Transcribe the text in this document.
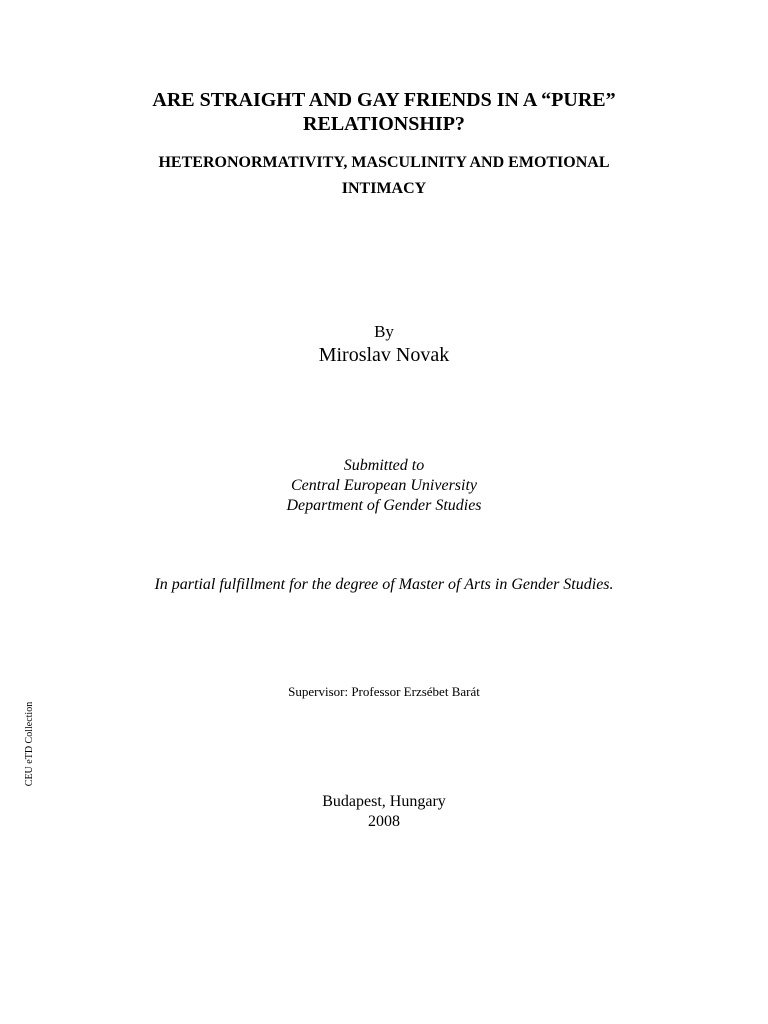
ARE STRAIGHT AND GAY FRIENDS IN A “PURE”
RELATIONSHIP?
HETERONORMATIVITY, MASCULINITY AND EMOTIONAL
INTIMACY
By
Miroslav Novak
Submitted to
Central European University
Department of Gender Studies
In partial fulfillment for the degree of Master of Arts in Gender Studies.
Supervisor: Professor Erzsébet Barát
Budapest, Hungary
2008
CEU eTD Collection
